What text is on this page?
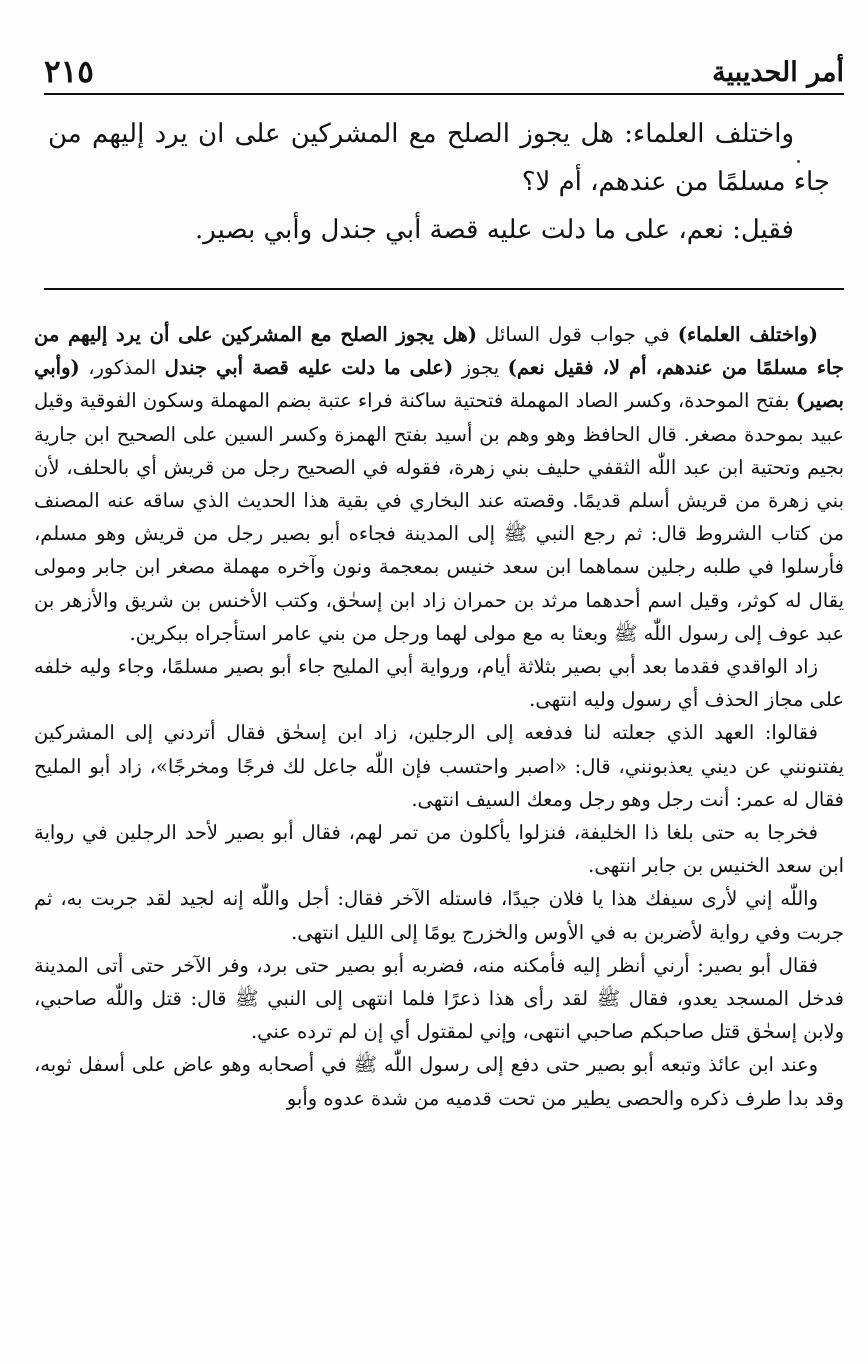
أمر الحديبية
٢١٥
واختلف العلماء: هل يجوز الصلح مع المشركين على ان يرد إليهم من جاء مسلمًا من عندهم، أم لا؟
فقيل: نعم، على ما دلت عليه قصة أبي جندل وأبي بصير.

(واختلف العلماء) في جواب قول السائل (هل يجوز الصلح مع المشركين على أن يرد إليهم من جاء مسلمًا من عندهم، أم لا، فقيل نعم) يجوز (على ما دلت عليه قصة أبي جندل المذكور، (وأبي بصير) بفتح الموحدة، وكسر الصاد المهملة فتحتية ساكنة فراء عتبة بضم المهملة وسكون الفوقية وقيل عبيد بموحدة مصغر. قال الحافظ وهو وهم بن أسيد بفتح الهمزة وكسر السين على الصحيح ابن جارية بجيم وتحتية ابن عبد اللّٰه الثقفي حليف بني زهرة، فقوله في الصحيح رجل من قريش أي بالحلف، لأن بني زهرة من قريش أسلم قديمًا. وقصته عند البخاري في بقية هذا الحديث الذي ساقه عنه المصنف من كتاب الشروط قال: ثم رجع النبي ﷺ إلى المدينة فجاءه أبو بصير رجل من قريش وهو مسلم، فأرسلوا في طلبه رجلين سماهما ابن سعد خنيس بمعجمة ونون وآخره مهملة مصغر ابن جابر ومولى يقال له كوثر، وقيل اسم أحدهما مرثد بن حمران زاد ابن إسحٰق، وكتب الأخنس بن شريق والأزهر بن عبد عوف إلى رسول اللّٰه ﷺ وبعثا به مع مولى لهما ورجل من بني عامر استأجراه ببكرين.

زاد الواقدي فقدما بعد أبي بصير بثلاثة أيام، ورواية أبي المليح جاء أبو بصير مسلمًا، وجاء وليه خلفه على مجاز الحذف أي رسول وليه انتهى.

فقالوا: العهد الذي جعلته لنا فدفعه إلى الرجلين، زاد ابن إسحٰق فقال أتردني إلى المشركين يفتنونني عن ديني يعذبونني، قال: «اصبر واحتسب فإن اللّٰه جاعل لك فرجًا ومخرجًا»، زاد أبو المليح فقال له عمر: أنت رجل وهو رجل ومعك السيف انتهى.

فخرجا به حتى بلغا ذا الخليفة، فنزلوا يأكلون من تمر لهم، فقال أبو بصير لأحد الرجلين في رواية ابن سعد الخنيس بن جابر انتهى.

واللّٰه إني لأرى سيفك هذا يا فلان جيدًا، فاستله الآخر فقال: أجل واللّٰه إنه لجيد لقد جربت به، ثم جربت وفي رواية لأضربن به في الأوس والخزرج يومًا إلى الليل انتهى.

فقال أبو بصير: أرني أنظر إليه فأمكنه منه، فضربه أبو بصير حتى برد، وفر الآخر حتى أتى المدينة فدخل المسجد يعدو، فقال ﷺ لقد رأى هذا ذعرًا فلما انتهى إلى النبي ﷺ قال: قتل واللّٰه صاحبي، ولابن إسحٰق قتل صاحبكم صاحبي انتهى، وإني لمقتول أي إن لم ترده عني.

وعند ابن عائذ وتبعه أبو بصير حتى دفع إلى رسول اللّٰه ﷺ في أصحابه وهو عاض على أسفل ثوبه، وقد بدا طرف ذكره والحصى يطير من تحت قدميه من شدة عدوه وأبو
